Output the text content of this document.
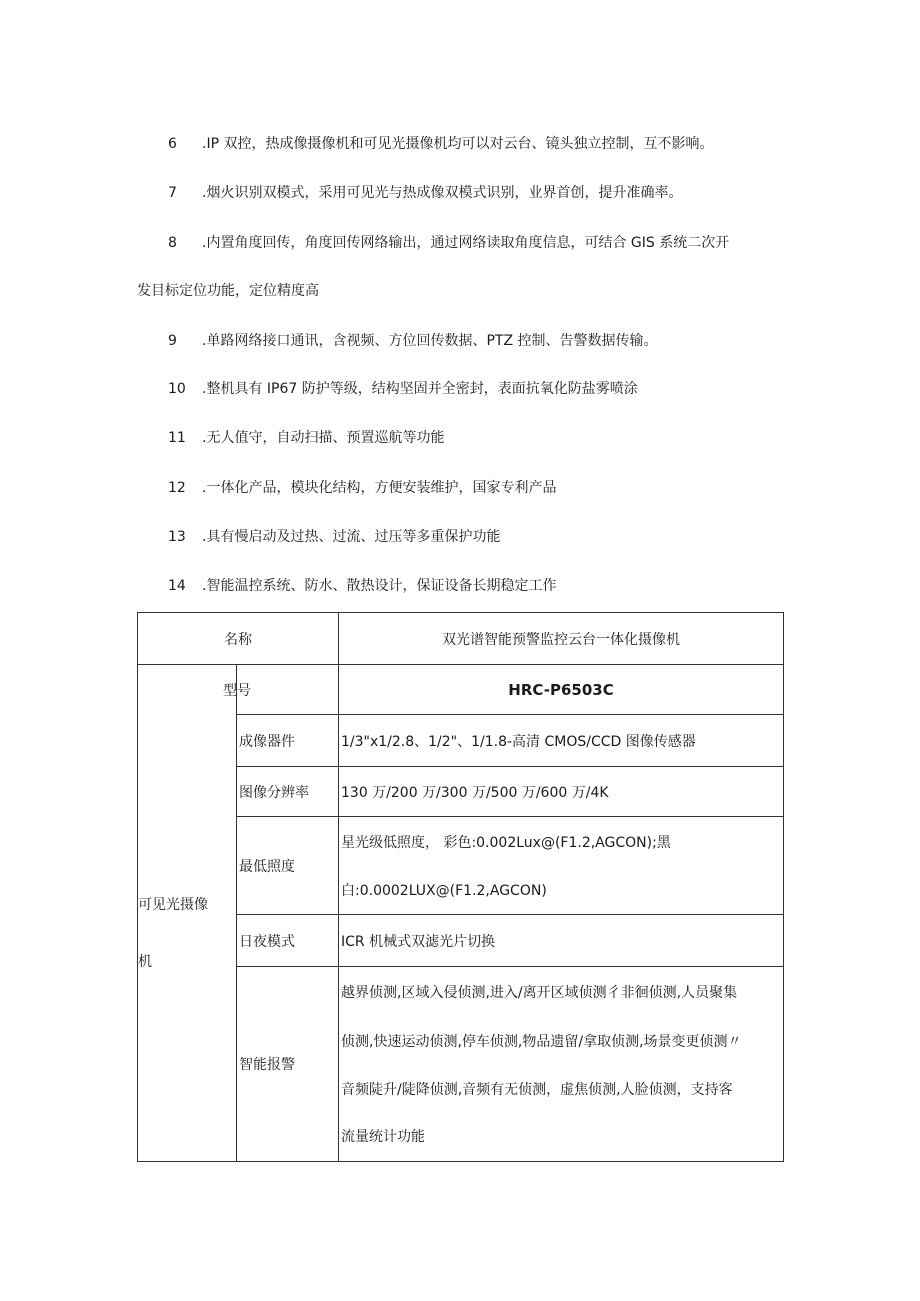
6 .IP 双控，热成像摄像机和可见光摄像机均可以对云台、镜头独立控制，互不影响。
7 .烟火识别双模式，采用可见光与热成像双模式识别，业界首创，提升准确率。
8 .内置角度回传，角度回传网络输出，通过网络读取角度信息，可结合 GIS 系统二次开
发目标定位功能，定位精度高
9 .单路网络接口通讯，含视频、方位回传数据、PTZ 控制、告警数据传输。
10 .整机具有 IP67 防护等级，结构坚固并全密封，表面抗氧化防盐雾喷涂
11 .无人值守，自动扫描、预置巡航等功能
12 .一体化产品，模块化结构，方便安装维护，国家专利产品
13 .具有慢启动及过热、过流、过压等多重保护功能
14 .智能温控系统、防水、散热设计，保证设备长期稳定工作
名称		双光谱智能预警监控云台一体化摄像机

可见光摄像
机	型号	HRC-P6503C
	成像器件	1/3"x1/2.8、1/2"、1/1.8-高清 CMOS/CCD 图像传感器
	图像分辨率	130 万/200 万/300 万/500 万/600 万/4K
	最低照度	星光级低照度， 彩色:0.002Lux@(F1.2,AGCON);黑
白:0.0002LUX@(F1.2,AGCON)

	日夜模式	ICR 机械式双滤光片切换
	智能报警	越界侦测,区域入侵侦测,进入/离开区域侦测彳非徊侦测,人员聚集
侦测,快速运动侦测,停车侦测,物品遗留/拿取侦测,场景变更侦测〃
音频陡升/陡降侦测,音频有无侦测，虚焦侦测,人脸侦测，支持客
流量统计功能
